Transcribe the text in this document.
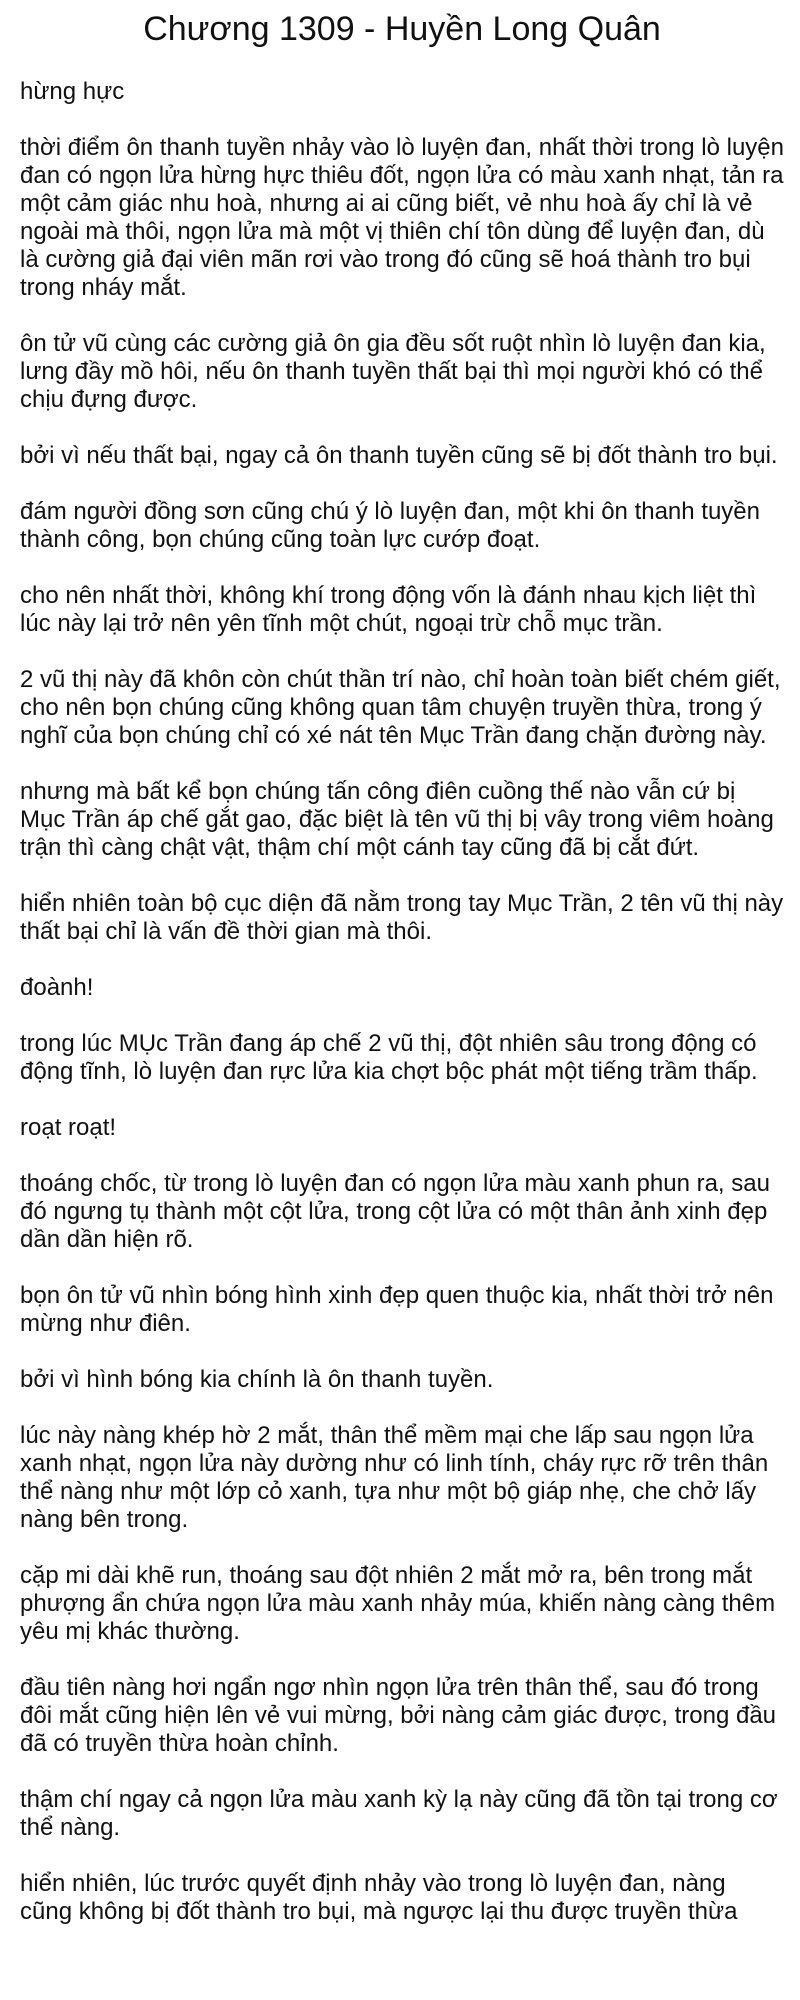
Chương 1309 - Huyền Long Quân

hừng hực

thời điểm ôn thanh tuyền nhảy vào lò luyện đan, nhất thời trong lò luyện đan có ngọn lửa hừng hực thiêu đốt, ngọn lửa có màu xanh nhạt, tản ra một cảm giác nhu hoà, nhưng ai ai cũng biết, vẻ nhu hoà ấy chỉ là vẻ ngoài mà thôi, ngọn lửa mà một vị thiên chí tôn dùng để luyện đan, dù là cường giả đại viên mãn rơi vào trong đó cũng sẽ hoá thành tro bụi trong nháy mắt.

ôn tử vũ cùng các cường giả ôn gia đều sốt ruột nhìn lò luyện đan kia, lưng đầy mồ hôi, nếu ôn thanh tuyền thất bại thì mọi người khó có thể chịu đựng được.

bởi vì nếu thất bại, ngay cả ôn thanh tuyền cũng sẽ bị đốt thành tro bụi.

đám người đồng sơn cũng chú ý lò luyện đan, một khi ôn thanh tuyền thành công, bọn chúng cũng toàn lực cướp đoạt.

cho nên nhất thời, không khí trong động vốn là đánh nhau kịch liệt thì lúc này lại trở nên yên tĩnh một chút, ngoại trừ chỗ mục trần.

2 vũ thị này đã khôn còn chút thần trí nào, chỉ hoàn toàn biết chém giết, cho nên bọn chúng cũng không quan tâm chuyện truyền thừa, trong ý nghĩ của bọn chúng chỉ có xé nát tên Mục Trần đang chặn đường này.

nhưng mà bất kể bọn chúng tấn công điên cuồng thế nào vẫn cứ bị Mục Trần áp chế gắt gao, đặc biệt là tên vũ thị bị vây trong viêm hoàng trận thì càng chật vật, thậm chí một cánh tay cũng đã bị cắt đứt.

hiển nhiên toàn bộ cục diện đã nằm trong tay Mục Trần, 2 tên vũ thị này thất bại chỉ là vấn đề thời gian mà thôi.

đoành!

trong lúc MỤc Trần đang áp chế 2 vũ thị, đột nhiên sâu trong động có động tĩnh, lò luyện đan rực lửa kia chợt bộc phát một tiếng trầm thấp.

roạt roạt!

thoáng chốc, từ trong lò luyện đan có ngọn lửa màu xanh phun ra, sau đó ngưng tụ thành một cột lửa, trong cột lửa có một thân ảnh xinh đẹp dần dần hiện rõ.

bọn ôn tử vũ nhìn bóng hình xinh đẹp quen thuộc kia, nhất thời trở nên mừng như điên.

bởi vì hình bóng kia chính là ôn thanh tuyền.

lúc này nàng khép hờ 2 mắt, thân thể mềm mại che lấp sau ngọn lửa xanh nhạt, ngọn lửa này dường như có linh tính, cháy rực rỡ trên thân thể nàng như một lớp cỏ xanh, tựa như một bộ giáp nhẹ, che chở lấy nàng bên trong.

cặp mi dài khẽ run, thoáng sau đột nhiên 2 mắt mở ra, bên trong mắt phượng ẩn chứa ngọn lửa màu xanh nhảy múa, khiến nàng càng thêm yêu mị khác thường.

đầu tiên nàng hơi ngẩn ngơ nhìn ngọn lửa trên thân thể, sau đó trong đôi mắt cũng hiện lên vẻ vui mừng, bởi nàng cảm giác được, trong đầu đã có truyền thừa hoàn chỉnh.

thậm chí ngay cả ngọn lửa màu xanh kỳ lạ này cũng đã tồn tại trong cơ thể nàng.

hiển nhiên, lúc trước quyết định nhảy vào trong lò luyện đan, nàng cũng không bị đốt thành tro bụi, mà ngược lại thu được truyền thừa
